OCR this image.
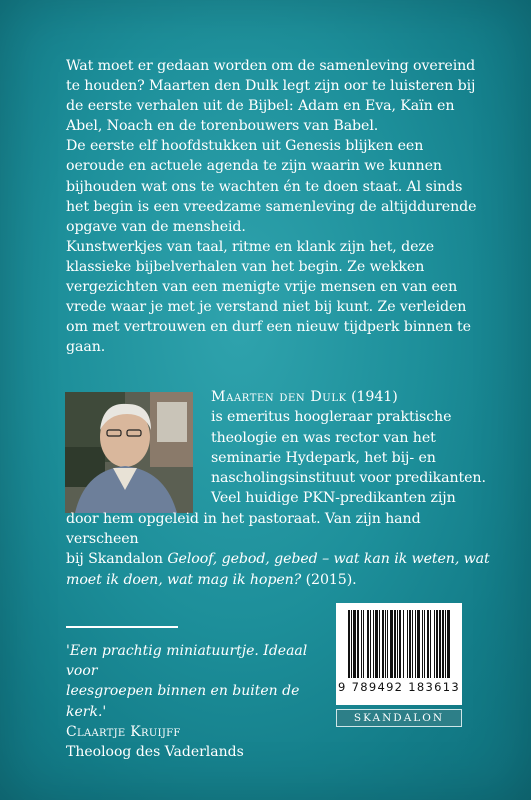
Wat moet er gedaan worden om de samenleving overeind te houden? Maarten den Dulk legt zijn oor te luisteren bij de eerste verhalen uit de Bijbel: Adam en Eva, Kaïn en Abel, Noach en de torenbouwers van Babel.

De eerste elf hoofdstukken uit Genesis blijken een oeroude en actuele agenda te zijn waarin we kunnen bijhouden wat ons te wachten én te doen staat. Al sinds het begin is een vreedzame samenleving de altijddurende opgave van de mensheid.

Kunstwerkjes van taal, ritme en klank zijn het, deze klassieke bijbelverhalen van het begin. Ze wekken vergezichten van een menigte vrije mensen en van een vrede waar je met je verstand niet bij kunt. Ze verleiden om met vertrouwen en durf een nieuw tijdperk binnen te gaan.

Maarten den Dulk (1941)
is emeritus hoogleraar praktische
theologie en was rector van het
seminarie Hydepark, het bij- en
nascholingsinstituut voor predikanten.
Veel huidige PKN-predikanten zijn
door hem opgeleid in het pastoraat. Van zijn hand verscheen
bij Skandalon Geloof, gebod, gebed – wat kan ik weten, wat
moet ik doen, wat mag ik hopen? (2015).
'Een prachtig miniatuurtje. Ideaal voor
leesgroepen binnen en buiten de kerk.'
Claartje Kruijff
Theoloog des Vaderlands
9 789492 183613
SKANDALON
